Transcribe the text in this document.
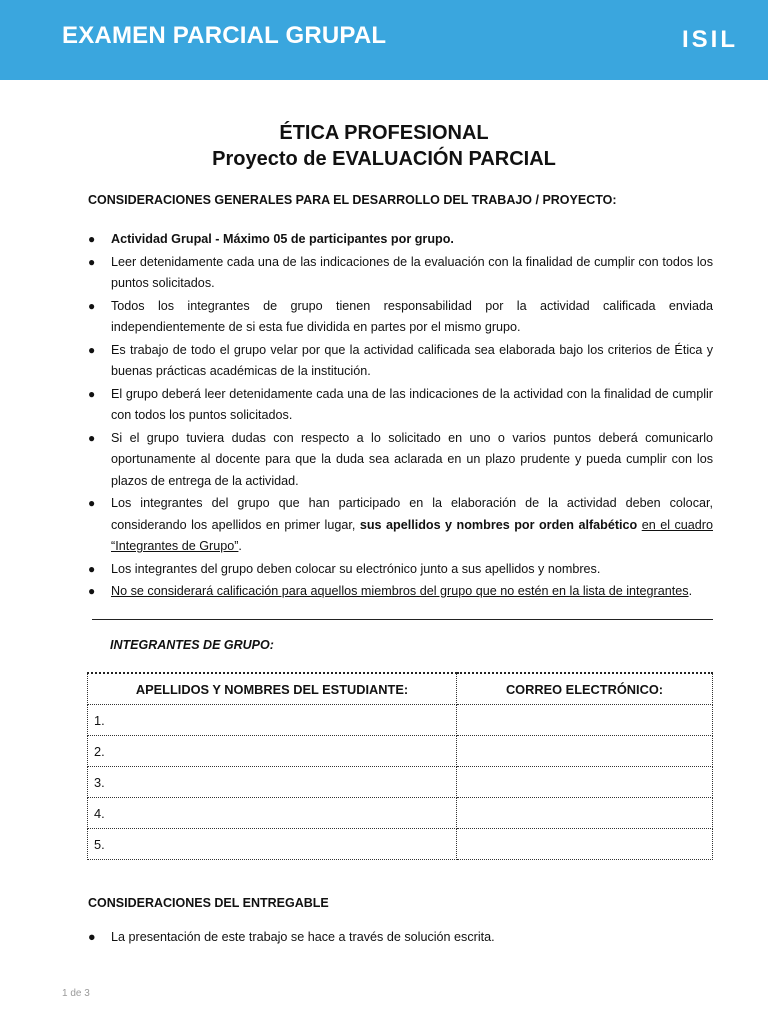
EXAMEN PARCIAL GRUPAL	ISIL
ÉTICA PROFESIONAL
Proyecto de EVALUACIÓN PARCIAL
CONSIDERACIONES GENERALES PARA EL DESARROLLO DEL TRABAJO / PROYECTO:
● Actividad Grupal - Máximo 05 de participantes por grupo.
● Leer detenidamente cada una de las indicaciones de la evaluación con la finalidad de cumplir con todos los puntos solicitados.
● Todos los integrantes de grupo tienen responsabilidad por la actividad calificada enviada independientemente de si esta fue dividida en partes por el mismo grupo.
● Es trabajo de todo el grupo velar por que la actividad calificada sea elaborada bajo los criterios de Ética y buenas prácticas académicas de la institución.
● El grupo deberá leer detenidamente cada una de las indicaciones de la actividad con la finalidad de cumplir con todos los puntos solicitados.
● Si el grupo tuviera dudas con respecto a lo solicitado en uno o varios puntos deberá comunicarlo oportunamente al docente para que la duda sea aclarada en un plazo prudente y pueda cumplir con los plazos de entrega de la actividad.
● Los integrantes del grupo que han participado en la elaboración de la actividad deben colocar, considerando los apellidos en primer lugar, sus apellidos y nombres por orden alfabético en el cuadro “Integrantes de Grupo”.
● Los integrantes del grupo deben colocar su electrónico junto a sus apellidos y nombres.
● No se considerará calificación para aquellos miembros del grupo que no estén en la lista de integrantes.
INTEGRANTES DE GRUPO:
APELLIDOS Y NOMBRES DEL ESTUDIANTE:	CORREO ELECTRÓNICO:
1.	
2.	
3.	
4.	
5.	
CONSIDERACIONES DEL ENTREGABLE
● La presentación de este trabajo se hace a través de solución escrita.
1 de 3
